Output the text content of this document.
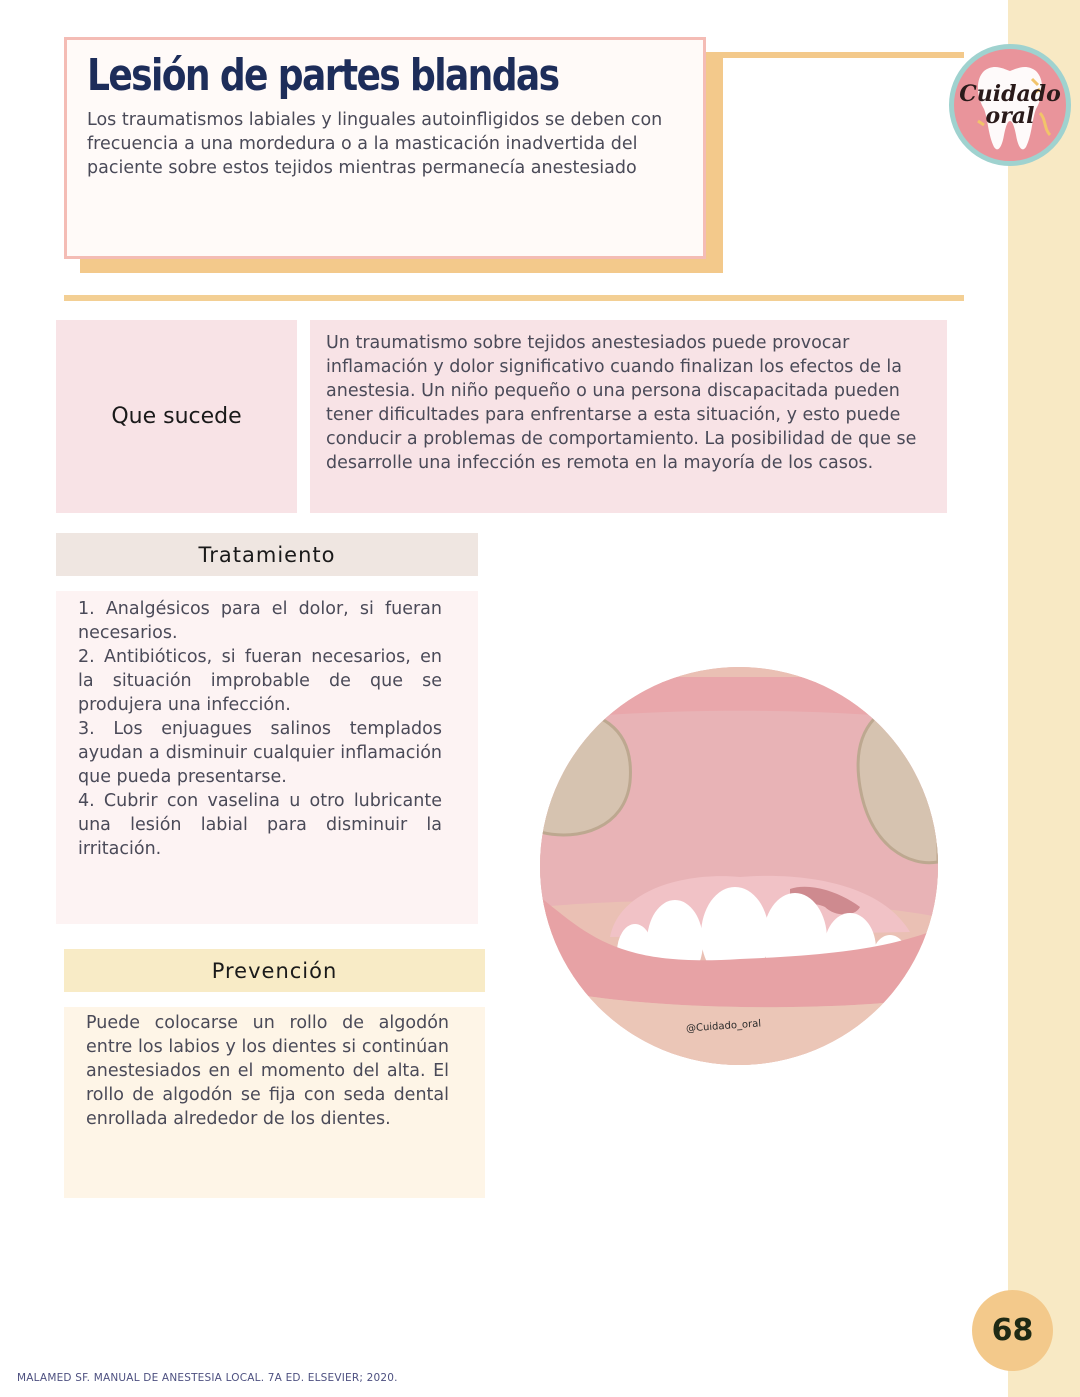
Lesión de partes blandas

Los traumatismos labiales y linguales autoinfligidos se deben con frecuencia a una mordedura o a la masticación inadvertida del paciente sobre estos tejidos mientras permanecía anestesiado

Cuidado
oral
Que sucede

Un traumatismo sobre tejidos anestesiados puede provocar inflamación y dolor significativo cuando finalizan los efectos de la anestesia. Un niño pequeño o una persona discapacitada pueden tener dificultades para enfrentarse a esta situación, y esto puede conducir a problemas de comportamiento. La posibilidad de que se desarrolle una infección es remota en la mayoría de los casos.

Tratamiento

1. Analgésicos para el dolor, si fueran necesarios.

2. Antibióticos, si fueran necesarios, en la situación improbable de que se produjera una infección.

3. Los enjuagues salinos templados ayudan a disminuir cualquier inflamación que pueda presentarse.

4. Cubrir con vaselina u otro lubricante una lesión labial para disminuir la irritación.

Prevención

Puede colocarse un rollo de algodón entre los labios y los dientes si continúan anestesiados en el momento del alta. El rollo de algodón se fija con seda dental enrollada alrededor de los dientes.

@Cuidado_oral
68
MALAMED SF. MANUAL DE ANESTESIA LOCAL. 7A ED. ELSEVIER; 2020.
